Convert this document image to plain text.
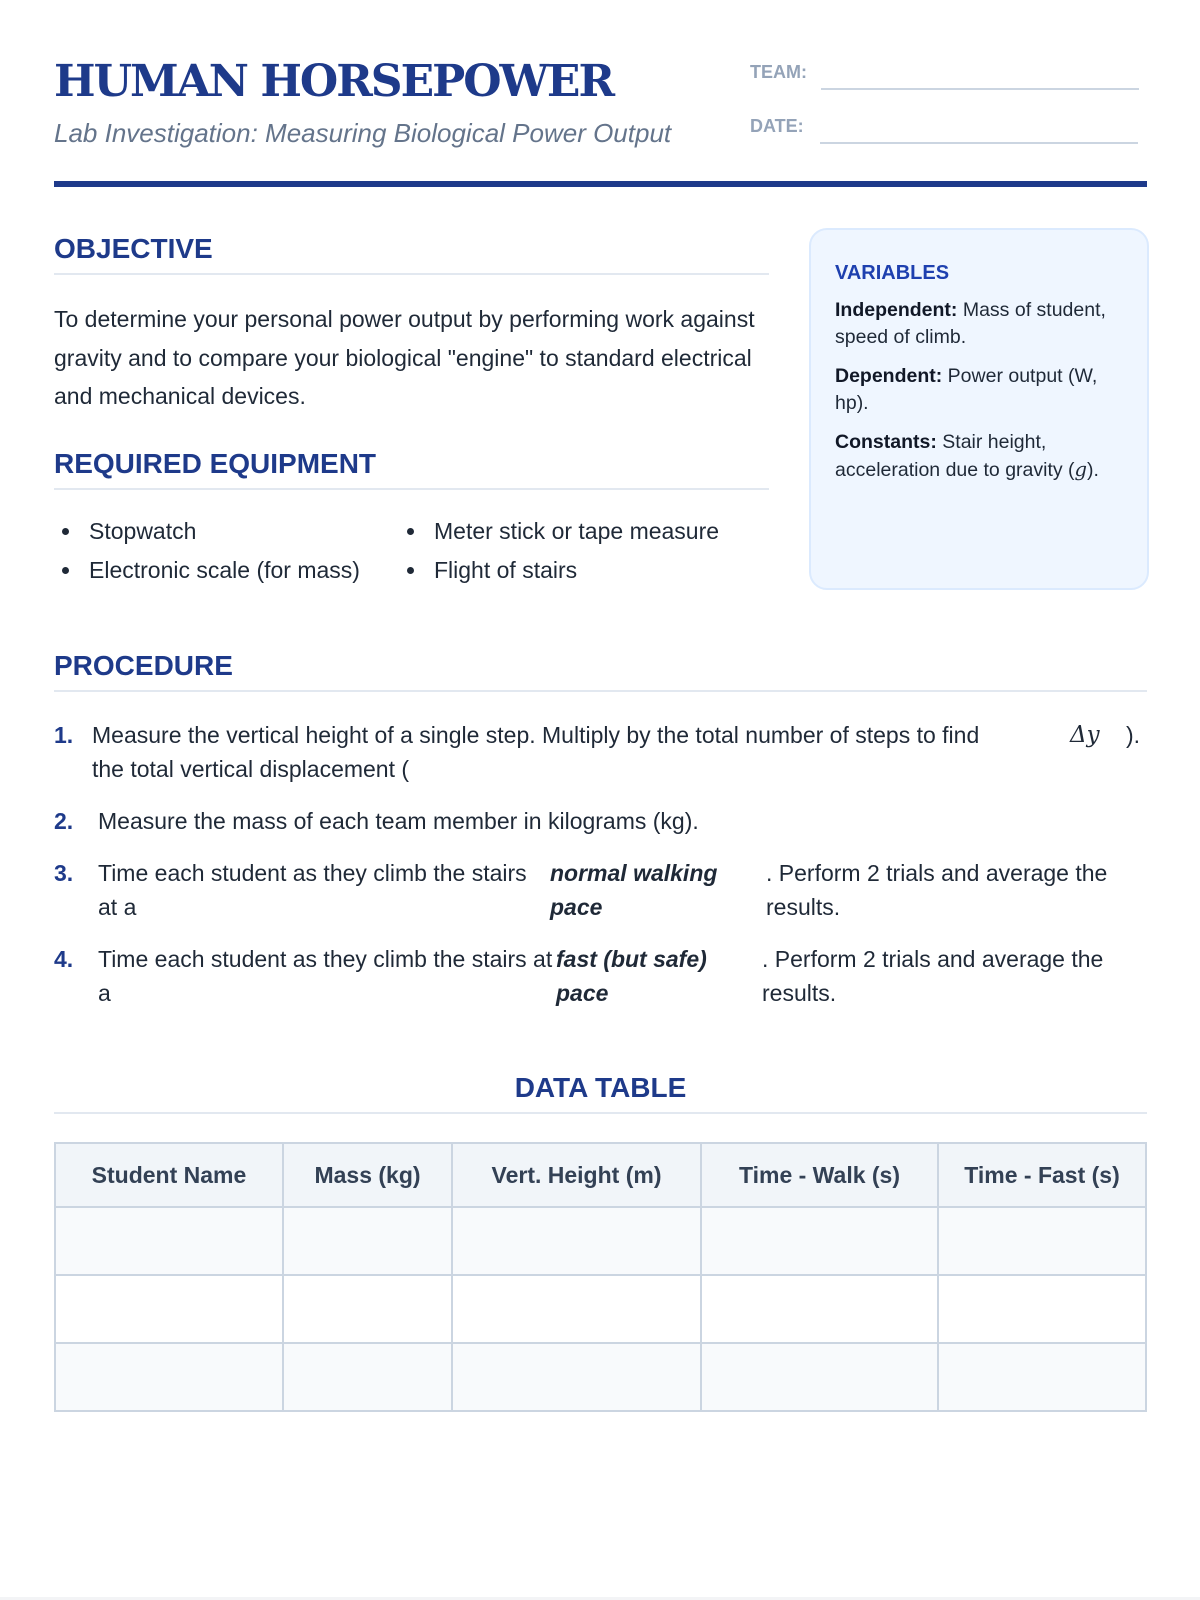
HUMAN HORSEPOWER
Lab Investigation: Measuring Biological Power Output
TEAM:
DATE:
OBJECTIVE
To determine your personal power output by performing work against gravity and to compare your biological "engine" to standard electrical and mechanical devices.
REQUIRED EQUIPMENT
Stopwatch	Meter stick or tape measure
Electronic scale (for mass)	Flight of stairs
VARIABLES

Independent: Mass of student, speed of climb.

Dependent: Power output (W, hp).

Constants: Stair height, acceleration due to gravity (g).

PROCEDURE
1. Measure the vertical height of a single step. Multiply by the total number of steps to find the total vertical displacement (
Δy	).
2.	Measure the mass of each team member in kilograms (kg).
3.	Time each student as they climb the stairs at a
normal walking pace
. Perform 2 trials and average the results.
4.	Time each student as they climb the stairs at a
fast (but safe) pace
. Perform 2 trials and average the results.
DATA TABLE
Student Name	Mass (kg)	Vert. Height (m)	Time - Walk (s)	Time - Fast (s)
